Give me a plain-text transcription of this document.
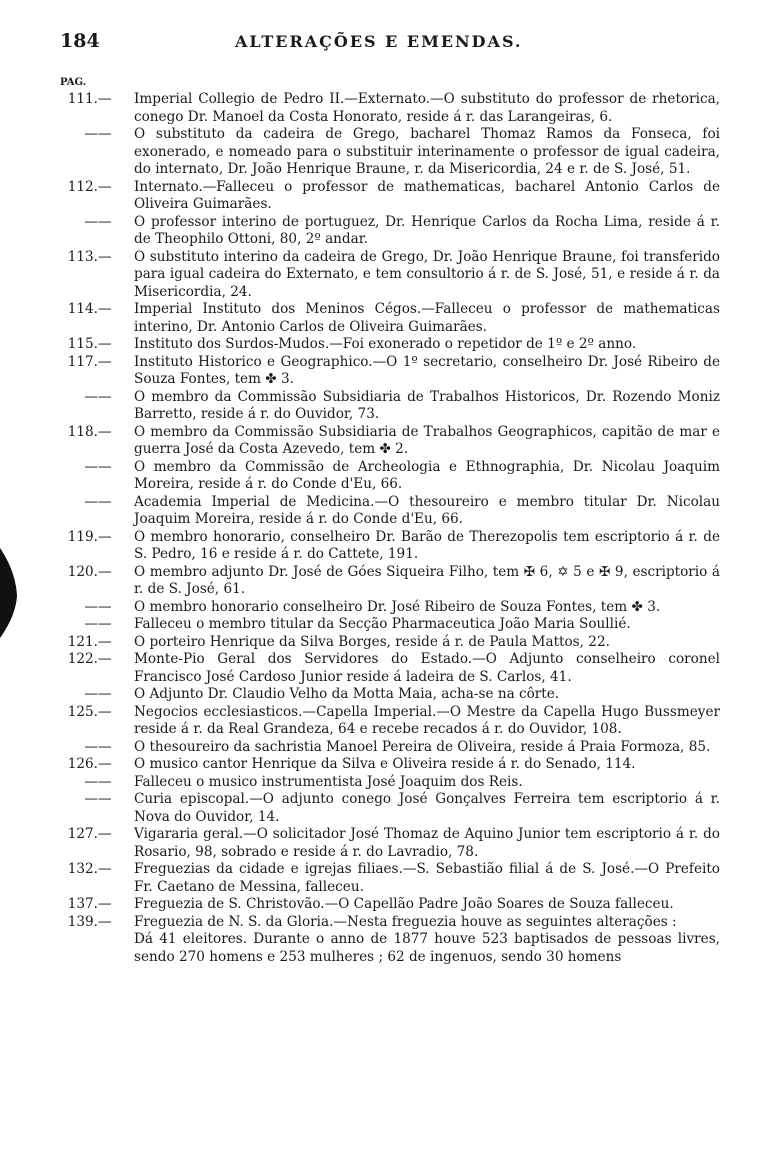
184	ALTERAÇÕES E EMENDAS.
PAG.

111.— Imperial Collegio de Pedro II.—Externato.—O substituto do professor de rhetorica, conego Dr. Manoel da Costa Honorato, reside á r. das Larangeiras, 6.

—— O substituto da cadeira de Grego, bacharel Thomaz Ramos da Fonseca, foi exonerado, e nomeado para o substituir interinamente o professor de igual cadeira, do internato, Dr. João Henrique Braune, r. da Misericordia, 24 e r. de S. José, 51.

112.— Internato.—Falleceu o professor de mathematicas, bacharel Antonio Carlos de Oliveira Guimarães.

—— O professor interino de portuguez, Dr. Henrique Carlos da Rocha Lima, reside á r. de Theophilo Ottoni, 80, 2º andar.

113.— O substituto interino da cadeira de Grego, Dr. João Henrique Braune, foi transferido para igual cadeira do Externato, e tem consultorio á r. de S. José, 51, e reside á r. da Misericordia, 24.

114.— Imperial Instituto dos Meninos Cégos.—Falleceu o professor de mathematicas interino, Dr. Antonio Carlos de Oliveira Guimarães.

115.— Instituto dos Surdos-Mudos.—Foi exonerado o repetidor de 1º e 2º anno.

117.— Instituto Historico e Geographico.—O 1º secretario, conselheiro Dr. José Ribeiro de Souza Fontes, tem ✤ 3.

—— O membro da Commissão Subsidiaria de Trabalhos Historicos, Dr. Rozendo Moniz Barretto, reside á r. do Ouvidor, 73.

118.— O membro da Commissão Subsidiaria de Trabalhos Geographicos, capitão de mar e guerra José da Costa Azevedo, tem ✤ 2.

—— O membro da Commissão de Archeologia e Ethnographia, Dr. Nicolau Joaquim Moreira, reside á r. do Conde d'Eu, 66.

—— Academia Imperial de Medicina.—O thesoureiro e membro titular Dr. Nicolau Joaquim Moreira, reside á r. do Conde d'Eu, 66.

119.— O membro honorario, conselheiro Dr. Barão de Therezopolis tem escriptorio á r. de S. Pedro, 16 e reside á r. do Cattete, 191.

120.— O membro adjunto Dr. José de Góes Siqueira Filho, tem ✠ 6, ✡ 5 e ✠ 9, escriptorio á r. de S. José, 61.

—— O membro honorario conselheiro Dr. José Ribeiro de Souza Fontes, tem ✤ 3.

—— Falleceu o membro titular da Secção Pharmaceutica João Maria Soullié.

121.— O porteiro Henrique da Silva Borges, reside á r. de Paula Mattos, 22.

122.— Monte-Pio Geral dos Servidores do Estado.—O Adjunto conselheiro coronel Francisco José Cardoso Junior reside á ladeira de S. Carlos, 41.

—— O Adjunto Dr. Claudio Velho da Motta Maia, acha-se na côrte.

125.— Negocios ecclesiasticos.—Capella Imperial.—O Mestre da Capella Hugo Bussmeyer reside á r. da Real Grandeza, 64 e recebe recados á r. do Ouvidor, 108.

—— O thesoureiro da sachristia Manoel Pereira de Oliveira, reside á Praia Formoza, 85.

126.— O musico cantor Henrique da Silva e Oliveira reside á r. do Senado, 114.

—— Falleceu o musico instrumentista José Joaquim dos Reis.

—— Curia episcopal.—O adjunto conego José Gonçalves Ferreira tem escriptorio á r. Nova do Ouvidor, 14.

127.— Vigararia geral.—O solicitador José Thomaz de Aquino Junior tem escriptorio á r. do Rosario, 98, sobrado e reside á r. do Lavradio, 78.

132.— Freguezias da cidade e igrejas filiaes.—S. Sebastião filial á de S. José.—O Prefeito Fr. Caetano de Messina, falleceu.

137.— Freguezia de S. Christovão.—O Capellão Padre João Soares de Souza falleceu.

139.— Freguezia de N. S. da Gloria.—Nesta freguezia houve as seguintes alterações :

Dá 41 eleitores. Durante o anno de 1877 houve 523 baptisados de pessoas livres, sendo 270 homens e 253 mulheres ; 62 de ingenuos, sendo 30 homens
